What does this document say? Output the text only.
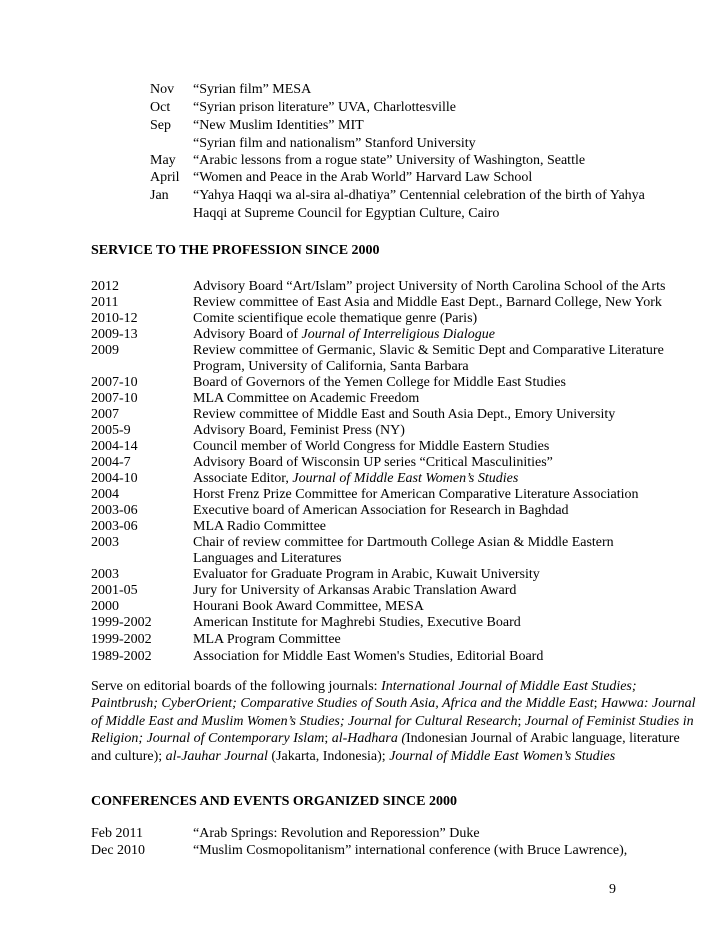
Nov “Syrian film” MESA
Oct “Syrian prison literature” UVA, Charlottesville
Sep “New Muslim Identities” MIT
“Syrian film and nationalism” Stanford University
May “Arabic lessons from a rogue state” University of Washington, Seattle
April “Women and Peace in the Arab World” Harvard Law School
Jan “Yahya Haqqi wa al-sira al-dhatiya” Centennial celebration of the birth of Yahya
Haqqi at Supreme Council for Egyptian Culture, Cairo
SERVICE TO THE PROFESSION SINCE 2000
2012	Advisory Board “Art/Islam” project University of North Carolina School of the Arts
2011	Review committee of East Asia and Middle East Dept., Barnard College, New York
2010-12	Comite scientifique ecole thematique genre (Paris)
2009-13	Advisory Board of Journal of Interreligious Dialogue
2009	Review committee of Germanic, Slavic & Semitic Dept and Comparative Literature
Program, University of California, Santa Barbara
2007-10	Board of Governors of the Yemen College for Middle East Studies
2007-10	MLA Committee on Academic Freedom
2007	Review committee of Middle East and South Asia Dept., Emory University
2005-9	Advisory Board, Feminist Press (NY)
2004-14	Council member of World Congress for Middle Eastern Studies
2004-7	Advisory Board of Wisconsin UP series “Critical Masculinities”
2004-10	Associate Editor, Journal of Middle East Women’s Studies
2004	Horst Frenz Prize Committee for American Comparative Literature Association
2003-06	Executive board of American Association for Research in Baghdad
2003-06	MLA Radio Committee
2003	Chair of review committee for Dartmouth College Asian & Middle Eastern
Languages and Literatures
2003	Evaluator for Graduate Program in Arabic, Kuwait University
2001-05	Jury for University of Arkansas Arabic Translation Award
2000	Hourani Book Award Committee, MESA
1999-2002	American Institute for Maghrebi Studies, Executive Board
1999-2002	MLA Program Committee
1989-2002	Association for Middle East Women's Studies, Editorial Board
Serve on editorial boards of the following journals: International Journal of Middle East Studies; Paintbrush; CyberOrient; Comparative Studies of South Asia, Africa and the Middle East; Hawwa: Journal of Middle East and Muslim Women’s Studies; Journal for Cultural Research; Journal of Feminist Studies in Religion; Journal of Contemporary Islam; al-Hadhara (Indonesian Journal of Arabic language, literature and culture); al-Jauhar Journal (Jakarta, Indonesia); Journal of Middle East Women’s Studies
CONFERENCES AND EVENTS ORGANIZED SINCE 2000
Feb 2011	“Arab Springs: Revolution and Reporession” Duke
Dec 2010	“Muslim Cosmopolitanism” international conference (with Bruce Lawrence),
9
